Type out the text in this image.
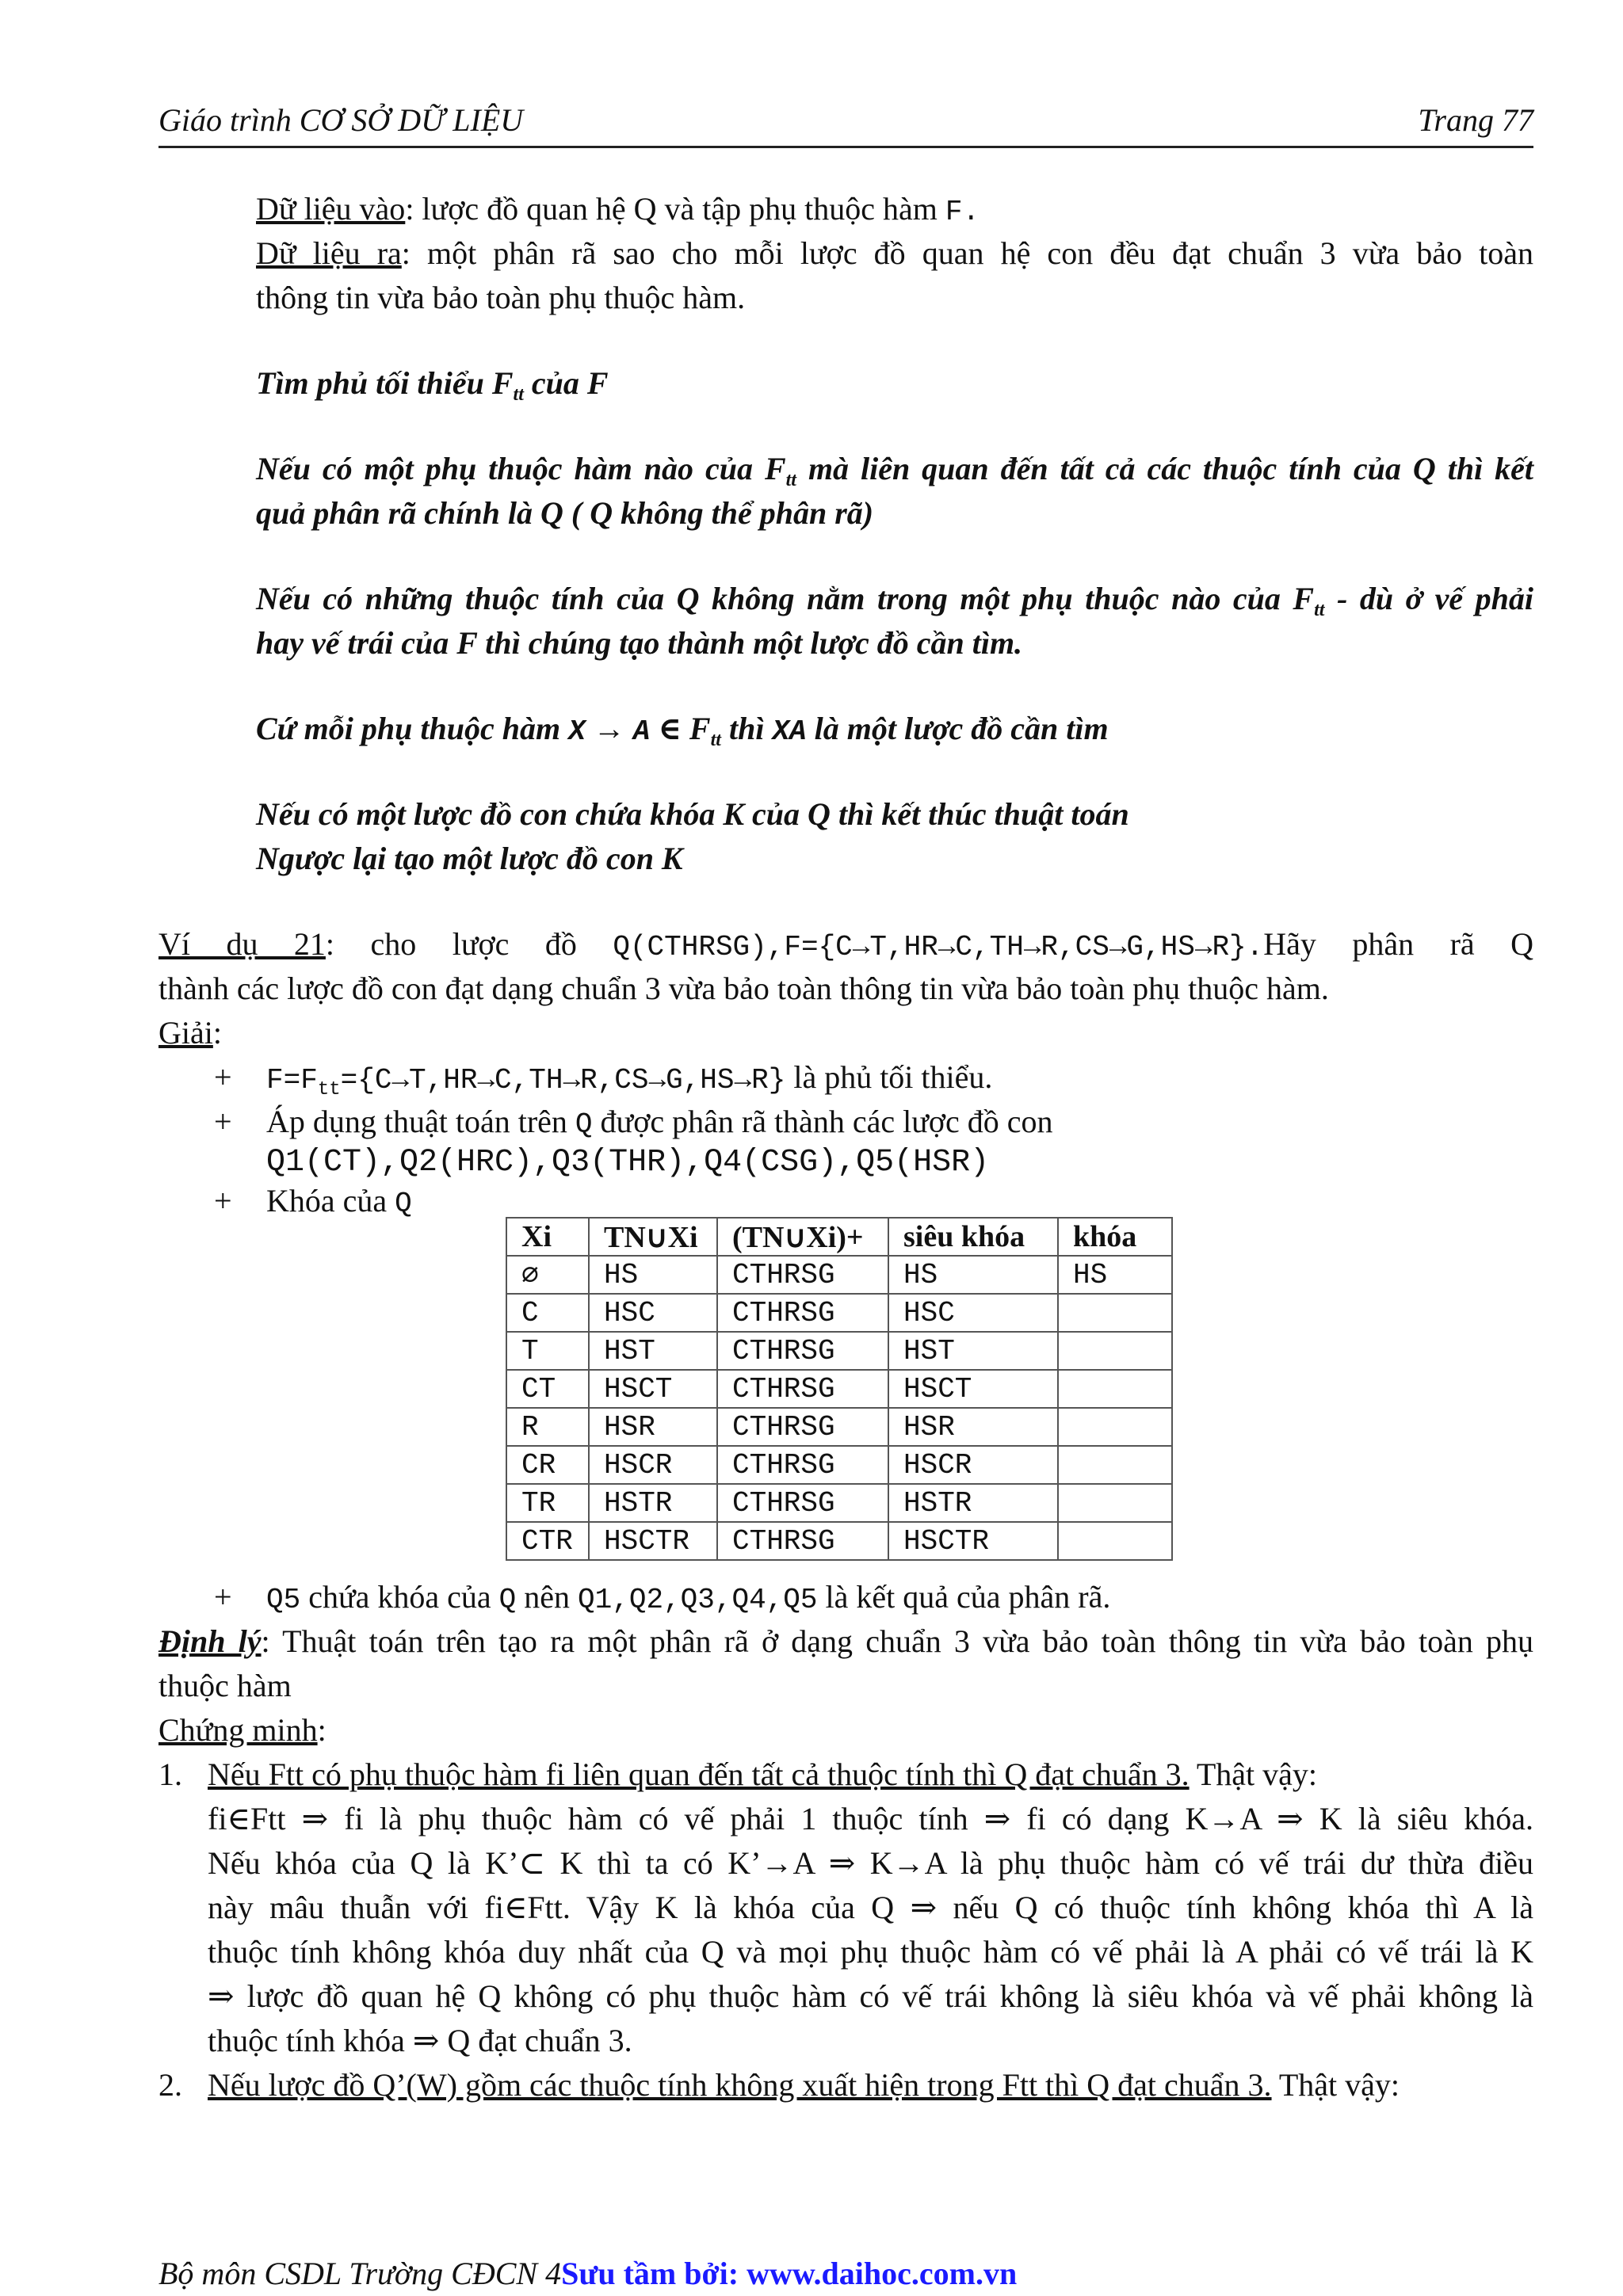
Giáo trình CƠ SỞ DỮ LIỆU	Trang 77
Dữ liệu vào: lược đồ quan hệ Q và tập phụ thuộc hàm F.
Dữ liệu ra: một phân rã sao cho mỗi lược đồ quan hệ con đều đạt chuẩn 3 vừa bảo toàn
thông tin vừa bảo toàn phụ thuộc hàm.
Tìm phủ tối thiểu $F_{tt}$ của F
Nếu có một phụ thuộc hàm nào của $F_{tt}$ mà liên quan đến tất cả các thuộc tính của Q thì kết
quả phân rã chính là Q ( Q không thể phân rã)
Nếu có những thuộc tính của Q không nằm trong một phụ thuộc nào của $F_{tt}$ - dù ở vế phải
hay vế trái của F thì chúng tạo thành một lược đồ cần tìm.
Cứ mỗi phụ thuộc hàm X → A ∈ $F_{tt}$ thì XA là một lược đồ cần tìm
Nếu có một lược đồ con chứa khóa K của Q thì kết thúc thuật toán
Ngược lại tạo một lược đồ con K
Ví dụ 21: cho lược đồ Q(CTHRSG),F={C→T,HR→C,TH→R,CS→G,HS→R}.Hãy phân rã Q
thành các lược đồ con đạt dạng chuẩn 3 vừa bảo toàn thông tin vừa bảo toàn phụ thuộc hàm.
Giải:
+ $F=F_{tt}=\{C\to T,HR\to C,TH\to R,CS\to G,HS\to R\}$ là phủ tối thiểu.
+ Áp dụng thuật toán trên Q được phân rã thành các lược đồ con
Q1(CT),Q2(HRC),Q3(THR),Q4(CSG),Q5(HSR)
+ Khóa của Q
Xi	TN∪Xi	(TN∪Xi)+	siêu khóa	khóa
∅	HS	CTHRSG	HS	HS
C	HSC	CTHRSG	HSC	
T	HST	CTHRSG	HST	
CT	HSCT	CTHRSG	HSCT	
R	HSR	CTHRSG	HSR	
CR	HSCR	CTHRSG	HSCR	
TR	HSTR	CTHRSG	HSTR	
CTR	HSCTR	CTHRSG	HSCTR	
+ Q5 chứa khóa của Q nên Q1,Q2,Q3,Q4,Q5 là kết quả của phân rã.
Định lý: Thuật toán trên tạo ra một phân rã ở dạng chuẩn 3 vừa bảo toàn thông tin vừa bảo toàn phụ
thuộc hàm
Chứng minh:
1. Nếu Ftt có phụ thuộc hàm fi liên quan đến tất cả thuộc tính thì Q đạt chuẩn 3. Thật vậy:
fi∈Ftt ⇒ fi là phụ thuộc hàm có vế phải 1 thuộc tính ⇒ fi có dạng K→A ⇒ K là siêu khóa.
Nếu khóa của Q là K’⊂ K thì ta có K’→A ⇒ K→A là phụ thuộc hàm có vế trái dư thừa điều
này mâu thuẫn với fi∈Ftt. Vậy K là khóa của Q ⇒ nếu Q có thuộc tính không khóa thì A là
thuộc tính không khóa duy nhất của Q và mọi phụ thuộc hàm có vế phải là A phải có vế trái là K
⇒ lược đồ quan hệ Q không có phụ thuộc hàm có vế trái không là siêu khóa và vế phải không là
thuộc tính khóa ⇒ Q đạt chuẩn 3.
2. Nếu lược đồ Q’(W) gồm các thuộc tính không xuất hiện trong Ftt thì Q đạt chuẩn 3. Thật vậy:
Bộ môn CSDL Trường CĐCN 4Sưu tầm bởi: www.daihoc.com.vn
